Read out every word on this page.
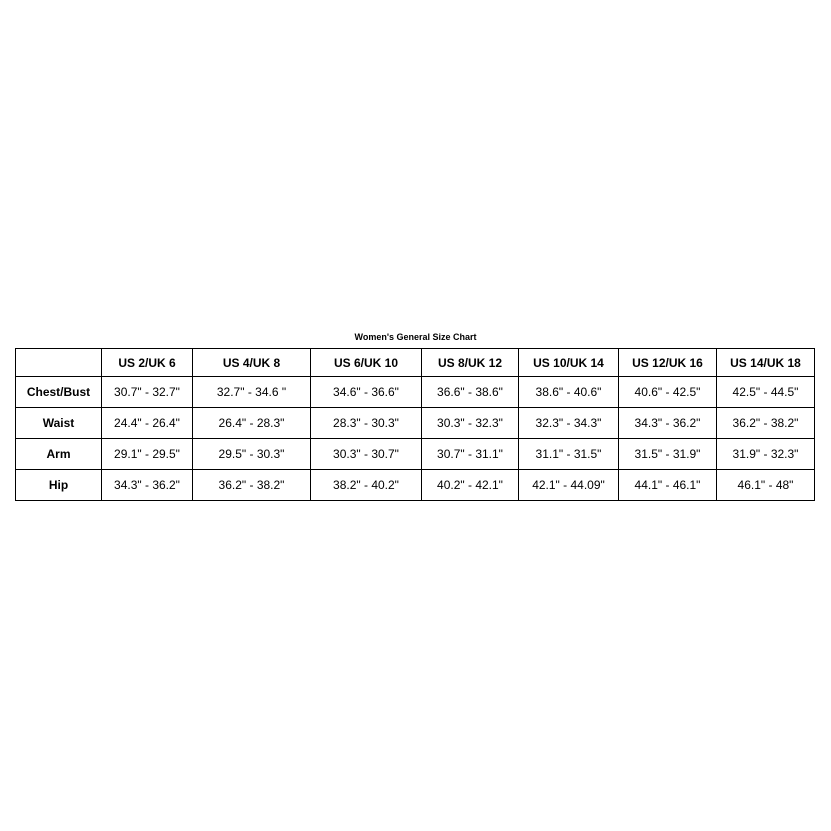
Women's General Size Chart
	US 2/UK 6	US 4/UK 8	US 6/UK 10	US 8/UK 12	US 10/UK 14	US 12/UK 16	US 14/UK 18
Chest/Bust	30.7" - 32.7"	32.7" - 34.6 "	34.6" - 36.6"	36.6" - 38.6"	38.6" - 40.6"	40.6" - 42.5"	42.5" - 44.5"
Waist	24.4" - 26.4"	26.4" - 28.3"	28.3" - 30.3"	30.3" - 32.3"	32.3" - 34.3"	34.3" - 36.2"	36.2" - 38.2"
Arm	29.1" - 29.5"	29.5" - 30.3"	30.3" - 30.7"	30.7" - 31.1"	31.1" - 31.5"	31.5" - 31.9"	31.9" - 32.3"
Hip	34.3" - 36.2"	36.2" - 38.2"	38.2" - 40.2"	40.2" - 42.1"	42.1" - 44.09"	44.1" - 46.1"	46.1" - 48"
